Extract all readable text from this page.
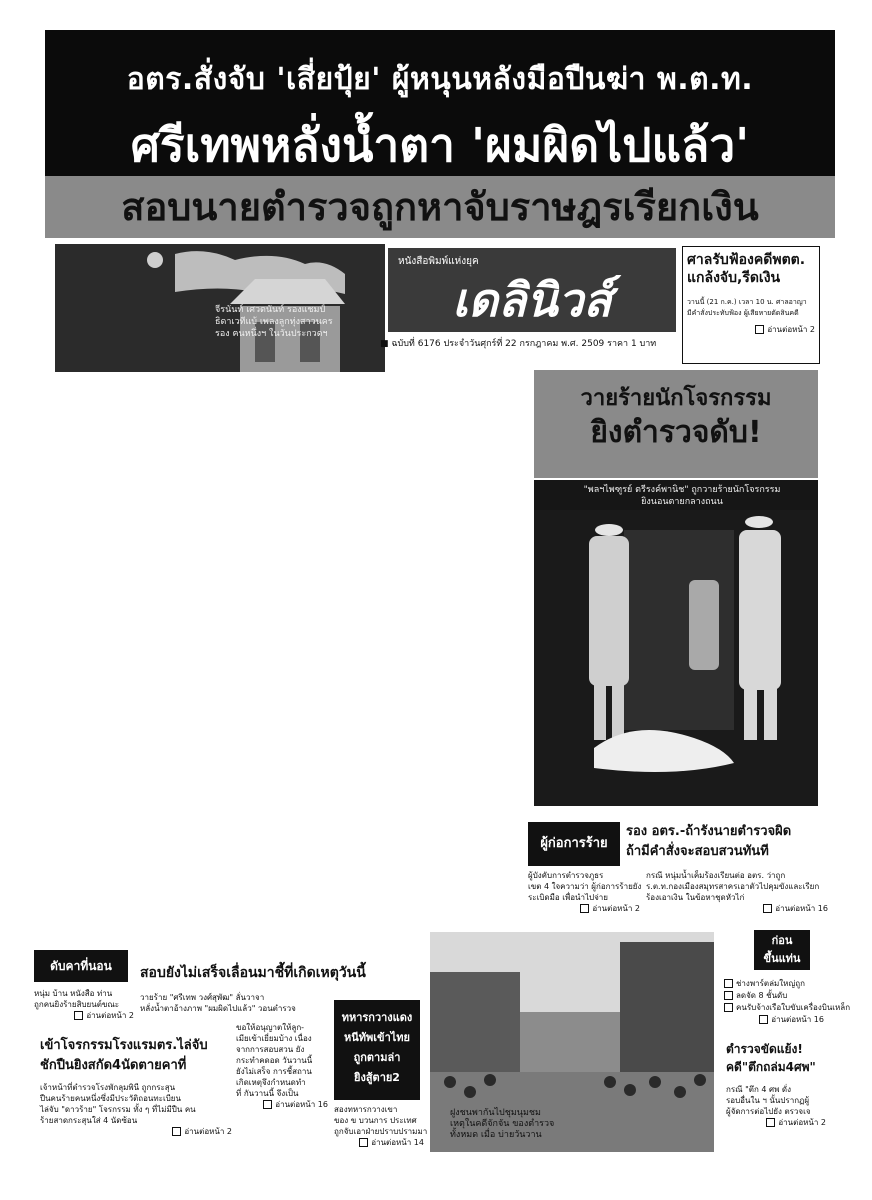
อตร.สั่งจับ 'เสี่ยปุ้ย' ผู้หนุนหลังมือปืนฆ่า พ.ต.ท.
ศรีเทพหลั่งน้ำตา 'ผมผิดไปแล้ว'
สอบนายตำรวจถูกหาจับราษฎรเรียกเงิน
จีรนันท์ เศวตนันท์ รองแชมป์ธิดาเวทีแบ้ เพลงลูกทุ่งสาวนครรอง ฅนหนึ่งฯ ในวันประกวดฯ
หนังสือพิมพ์แห่งยุค
เดลินิวส์
■ ฉบับที่ 6176 ประจำวันศุกร์ที่ 22 กรกฎาคม พ.ศ. 2509 ราคา 1 บาท
ศาลรับฟ้องคดีพตต.
แกล้งจับ,รีดเงิน
วานนี้ (21 ก.ค.) เวลา 10 น. ศาลอาญา
มีคำสั่งประทับฟ้อง ผู้เสียหายตัดสินคดี
อ่านต่อหน้า 2
วายร้ายนักโจรกรรม
ยิงตำรวจดับ!
"พลฯไพฑูรย์ ตรีรงค์พานิช" ถูกวายร้ายนักโจรกรรม
ยิงนอนตายกลางถนน
ผู้ก่อการร้าย
รอง อตร.-ถ้ารังนายตำรวจผิด
ถ้ามีคำสั่งจะสอบสวนทันที
ผู้บังคับการตำรวจภูธร
เขต 4 ใจความว่า ผู้ก่อการร้ายยัง
ระเบิดมือ เพื่อนำไปจ่าย
อ่านต่อหน้า 2
กรณี หนุ่มน้ำเค็มร้องเรียนต่อ อตร. ว่าถูก
ร.ต.ท.กองเมืองสมุทรสาครเอาตัวไปคุมขังและเรียก
ร้องเอาเงิน ในข้อหาชุดหัวไก่
อ่านต่อหน้า 16
ดับคาที่นอน
หนุ่ม บ้าน หนังสือ ท่าน
ถูกคนยิงร้ายสิบยนต์ขณะ
อ่านต่อหน้า 2
เข้าโจรกรรมโรงแรมตร.ไล่จับ
ชักปืนยิงสกัด4นัดตายคาที่
เจ้าหน้าที่ตำรวจโรงพักลุมพินี ถูกกระสุน
ปืนคนร้ายคนหนึ่งซึ่งมีประวัติถอนทะเบียน
ไล่จับ "ดาวร้าย" โจรกรรม ทั้ง ๆ ที่ไม่มีปืน คน
ร้ายสาดกระสุนใส่ 4 นัดซ้อน
อ่านต่อหน้า 2
สอบยังไม่เสร็จเลื่อนมาชี้ที่เกิดเหตุวันนี้
วายร้าย "ศรีเทพ วงศ์สุพัฒ" ลั่นวาจา
หลั่งน้ำตาอ้างภาพ "ผมผิดไปแล้ว" วอนตำรวจ
ขอให้อนุญาตให้ลูก-
เมียเข้าเยี่ยมบ้าง เนื่อง
จากการสอบสวน ยัง
กระทำคดอด วันวานนี้
ยังไม่เสร็จ การชี้สถาน
เกิดเหตุจึงกำหนดทำ
ที่ กันวานนี้ จึงเป็น
อ่านต่อหน้า 16
ทหารกวางแดง
หนีทัพเข้าไทย
ถูกตามล่า
ยิงสู้ตาย2
สองทหารกวางเขา
ของ ข บวนการ ประเทศ
ถูกจับเอาฝ่ายปราบปรามมา
อ่านต่อหน้า 14
ฝูงชนพากันไปชุมนุมชม
เหตุในคดีจักจัน ของตำรวจ
ทั้งหมด เมื่อ บ่ายวันวาน
ก่อน
ขึ้นแท่น
ช่างพาร์ตล่มใหญ่ถูก
ลดจัด 8 ชั้นดับ
คนรับจ้างเรือใบขับเครื่องบินเหล็ก
อ่านต่อหน้า 16
ตำรวจขัดแย้ง!
คดี"ตึกถล่ม4ศพ"
กรณี "ตึก 4 ศพ ดั่ง
รอบอื่นใน ฯ นั้นปรากฏผู้
ผู้จัดการต่อไปยัง ตรวจเจ
อ่านต่อหน้า 2
